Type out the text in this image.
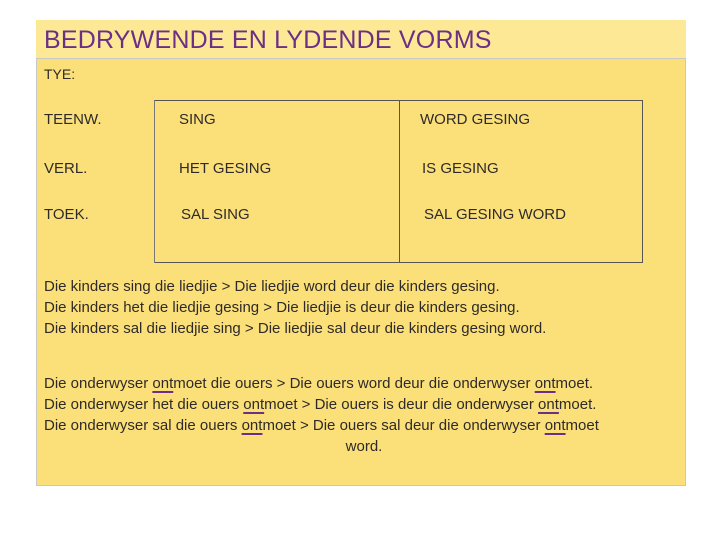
BEDRYWENDE EN LYDENDE VORMS
TYE:
TEENW.	SING	WORD GESING
VERL.	HET GESING	IS GESING
TOEK.	SAL SING	SAL GESING WORD
Die kinders sing die liedjie > Die liedjie word deur die kinders gesing.
Die kinders het die liedjie gesing > Die liedjie is deur die kinders gesing.
Die kinders sal die liedjie sing > Die liedjie sal deur die kinders gesing word.
Die onderwyser ontmoet die ouers > Die ouers word deur die onderwyser ontmoet.
Die onderwyser het die ouers ontmoet > Die ouers is deur die onderwyser ontmoet.
Die onderwyser sal die ouers ontmoet > Die ouers sal deur die onderwyser ontmoet
word.
